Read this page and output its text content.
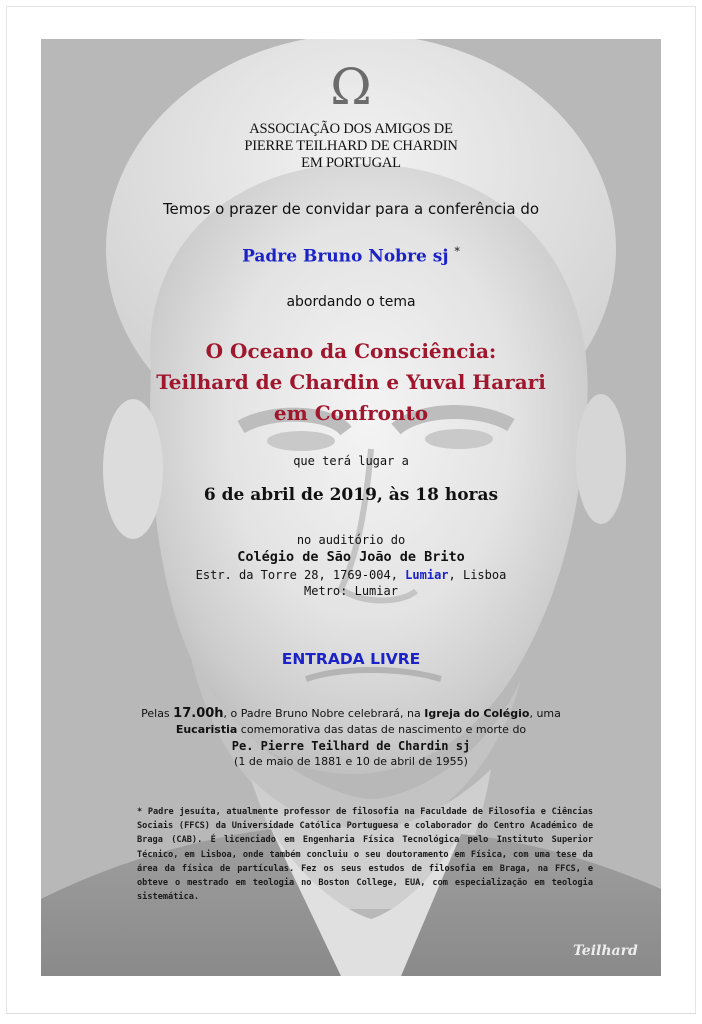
Ω
ASSOCIAÇÃO DOS AMIGOS DE
PIERRE TEILHARD DE CHARDIN
EM PORTUGAL
Temos o prazer de convidar para a conferência do
Padre Bruno Nobre sj *
abordando o tema
O Oceano da Consciência:
Teilhard de Chardin e Yuval Harari
em Confronto
que terá lugar a
6 de abril de 2019, às 18 horas
no auditório do
Colégio de São João de Brito
Estr. da Torre 28, 1769-004, Lumiar, Lisboa
Metro: Lumiar
ENTRADA LIVRE
Pelas 17.00h, o Padre Bruno Nobre celebrará, na Igreja do Colégio, uma
Eucaristia comemorativa das datas de nascimento e morte do
Pe. Pierre Teilhard de Chardin sj
(1 de maio de 1881 e 10 de abril de 1955)
* Padre jesuíta, atualmente professor de filosofia na Faculdade de Filosofia e Ciências Sociais (FFCS) da Universidade Católica Portuguesa e colaborador do Centro Académico de Braga (CAB). É licenciado em Engenharia Física Tecnológica pelo Instituto Superior Técnico, em Lisboa, onde também concluiu o seu doutoramento em Física, com uma tese da área da física de partículas. Fez os seus estudos de filosofia em Braga, na FFCS, e obteve o mestrado em teologia no Boston College, EUA, com especialização em teologia sistemática.
Teilhard
